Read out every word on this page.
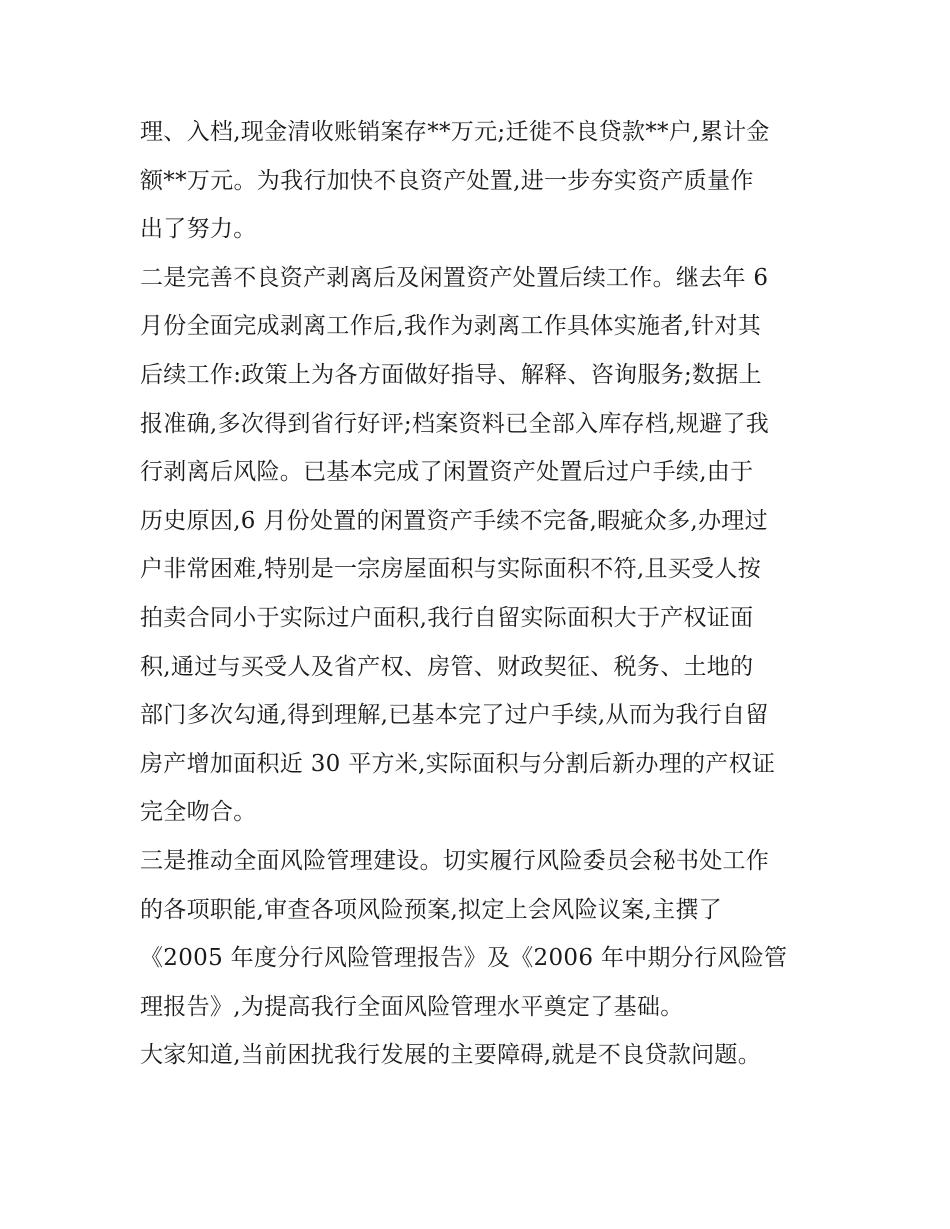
理、入档,现金清收账销案存**万元;迁徙不良贷款**户,累计金
额**万元。为我行加快不良资产处置,进一步夯实资产质量作
出了努力。
二是完善不良资产剥离后及闲置资产处置后续工作。继去年 6
月份全面完成剥离工作后,我作为剥离工作具体实施者,针对其
后续工作:政策上为各方面做好指导、解释、咨询服务;数据上
报准确,多次得到省行好评;档案资料已全部入库存档,规避了我
行剥离后风险。已基本完成了闲置资产处置后过户手续,由于
历史原因,6 月份处置的闲置资产手续不完备,暇疵众多,办理过
户非常困难,特别是一宗房屋面积与实际面积不符,且买受人按
拍卖合同小于实际过户面积,我行自留实际面积大于产权证面
积,通过与买受人及省产权、房管、财政契征、税务、土地的
部门多次勾通,得到理解,已基本完了过户手续,从而为我行自留
房产增加面积近 30 平方米,实际面积与分割后新办理的产权证
完全吻合。
三是推动全面风险管理建设。切实履行风险委员会秘书处工作
的各项职能,审查各项风险预案,拟定上会风险议案,主撰了
《2005 年度分行风险管理报告》及《2006 年中期分行风险管
理报告》,为提高我行全面风险管理水平奠定了基础。
大家知道,当前困扰我行发展的主要障碍,就是不良贷款问题。
